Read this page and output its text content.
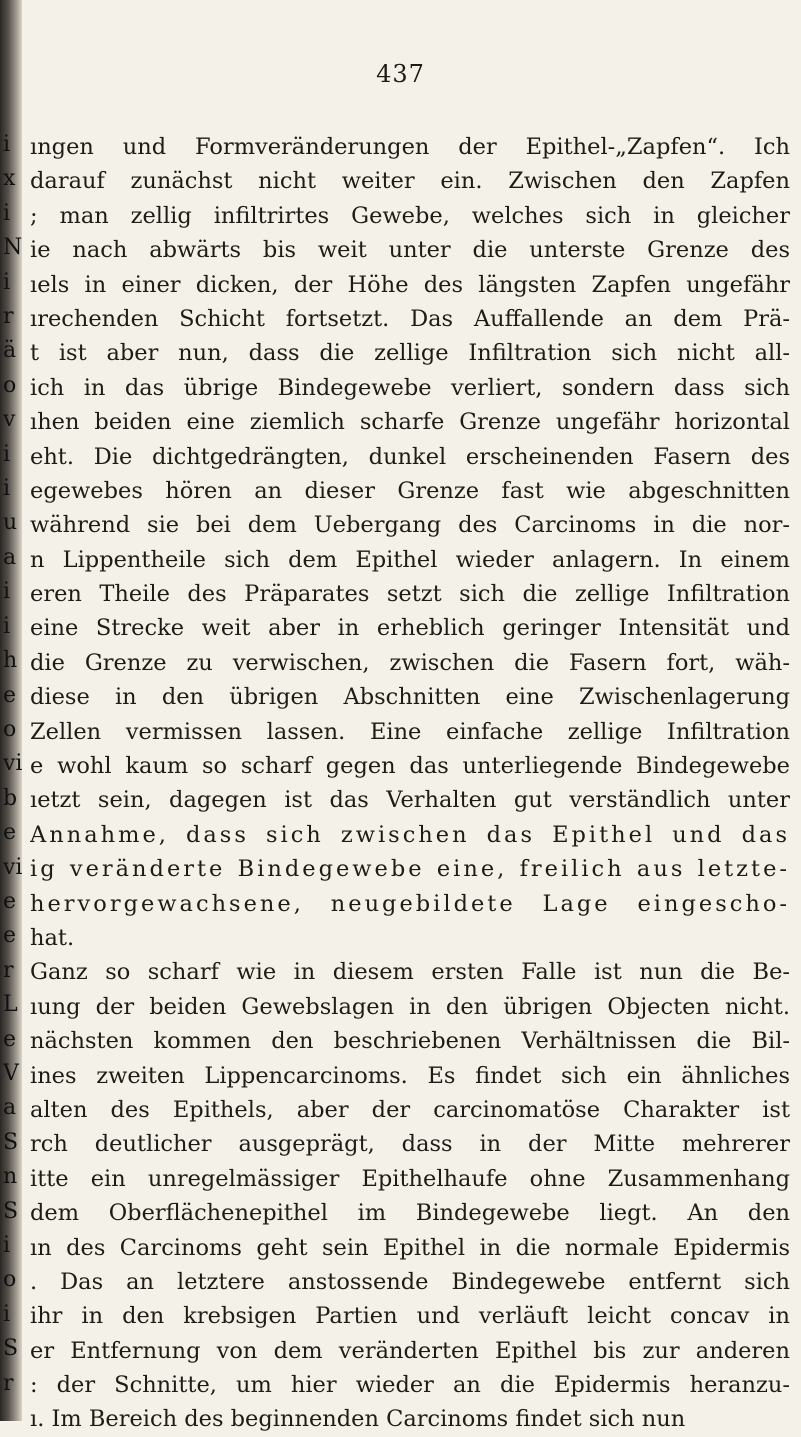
i
x
i
N
i
r
ä
o
v
i
i
u
a
i
i
h
e
o
vi
b
e
vi
e
e
r
L
e
V
a
S
n
S
i
o
i
S
r
437
ıngen und Formveränderungen der Epithel-„Zapfen“. Ich
darauf zunächst nicht weiter ein. Zwischen den Zapfen
; man zellig infiltrirtes Gewebe, welches sich in gleicher
ie nach abwärts bis weit unter die unterste Grenze des
ıels in einer dicken, der Höhe des längsten Zapfen ungefähr
ırechenden Schicht fortsetzt. Das Auffallende an dem Prä-
t ist aber nun, dass die zellige Infiltration sich nicht all-
ich in das übrige Bindegewebe verliert, sondern dass sich
ıhen beiden eine ziemlich scharfe Grenze ungefähr horizontal
eht. Die dichtgedrängten, dunkel erscheinenden Fasern des
egewebes hören an dieser Grenze fast wie abgeschnitten
während sie bei dem Uebergang des Carcinoms in die nor-
n Lippentheile sich dem Epithel wieder anlagern. In einem
eren Theile des Präparates setzt sich die zellige Infiltration
eine Strecke weit aber in erheblich geringer Intensität und
die Grenze zu verwischen, zwischen die Fasern fort, wäh-
diese in den übrigen Abschnitten eine Zwischenlagerung
Zellen vermissen lassen. Eine einfache zellige Infiltration
e wohl kaum so scharf gegen das unterliegende Bindegewebe
ıetzt sein, dagegen ist das Verhalten gut verständlich unter
Annahme, dass sich zwischen das Epithel und das
ig veränderte Bindegewebe eine, freilich aus letzte-
hervorgewachsene, neugebildete Lage eingescho-
hat.
Ganz so scharf wie in diesem ersten Falle ist nun die Be-
ıung der beiden Gewebslagen in den übrigen Objecten nicht.
nächsten kommen den beschriebenen Verhältnissen die Bil-
ines zweiten Lippencarcinoms. Es findet sich ein ähnliches
alten des Epithels, aber der carcinomatöse Charakter ist
rch deutlicher ausgeprägt, dass in der Mitte mehrerer
itte ein unregelmässiger Epithelhaufe ohne Zusammenhang
dem Oberflächenepithel im Bindegewebe liegt. An den
ın des Carcinoms geht sein Epithel in die normale Epidermis
. Das an letztere anstossende Bindegewebe entfernt sich
ihr in den krebsigen Partien und verläuft leicht concav in
er Entfernung von dem veränderten Epithel bis zur anderen
: der Schnitte, um hier wieder an die Epidermis heranzu-
ı. Im Bereich des beginnenden Carcinoms findet sich nun
